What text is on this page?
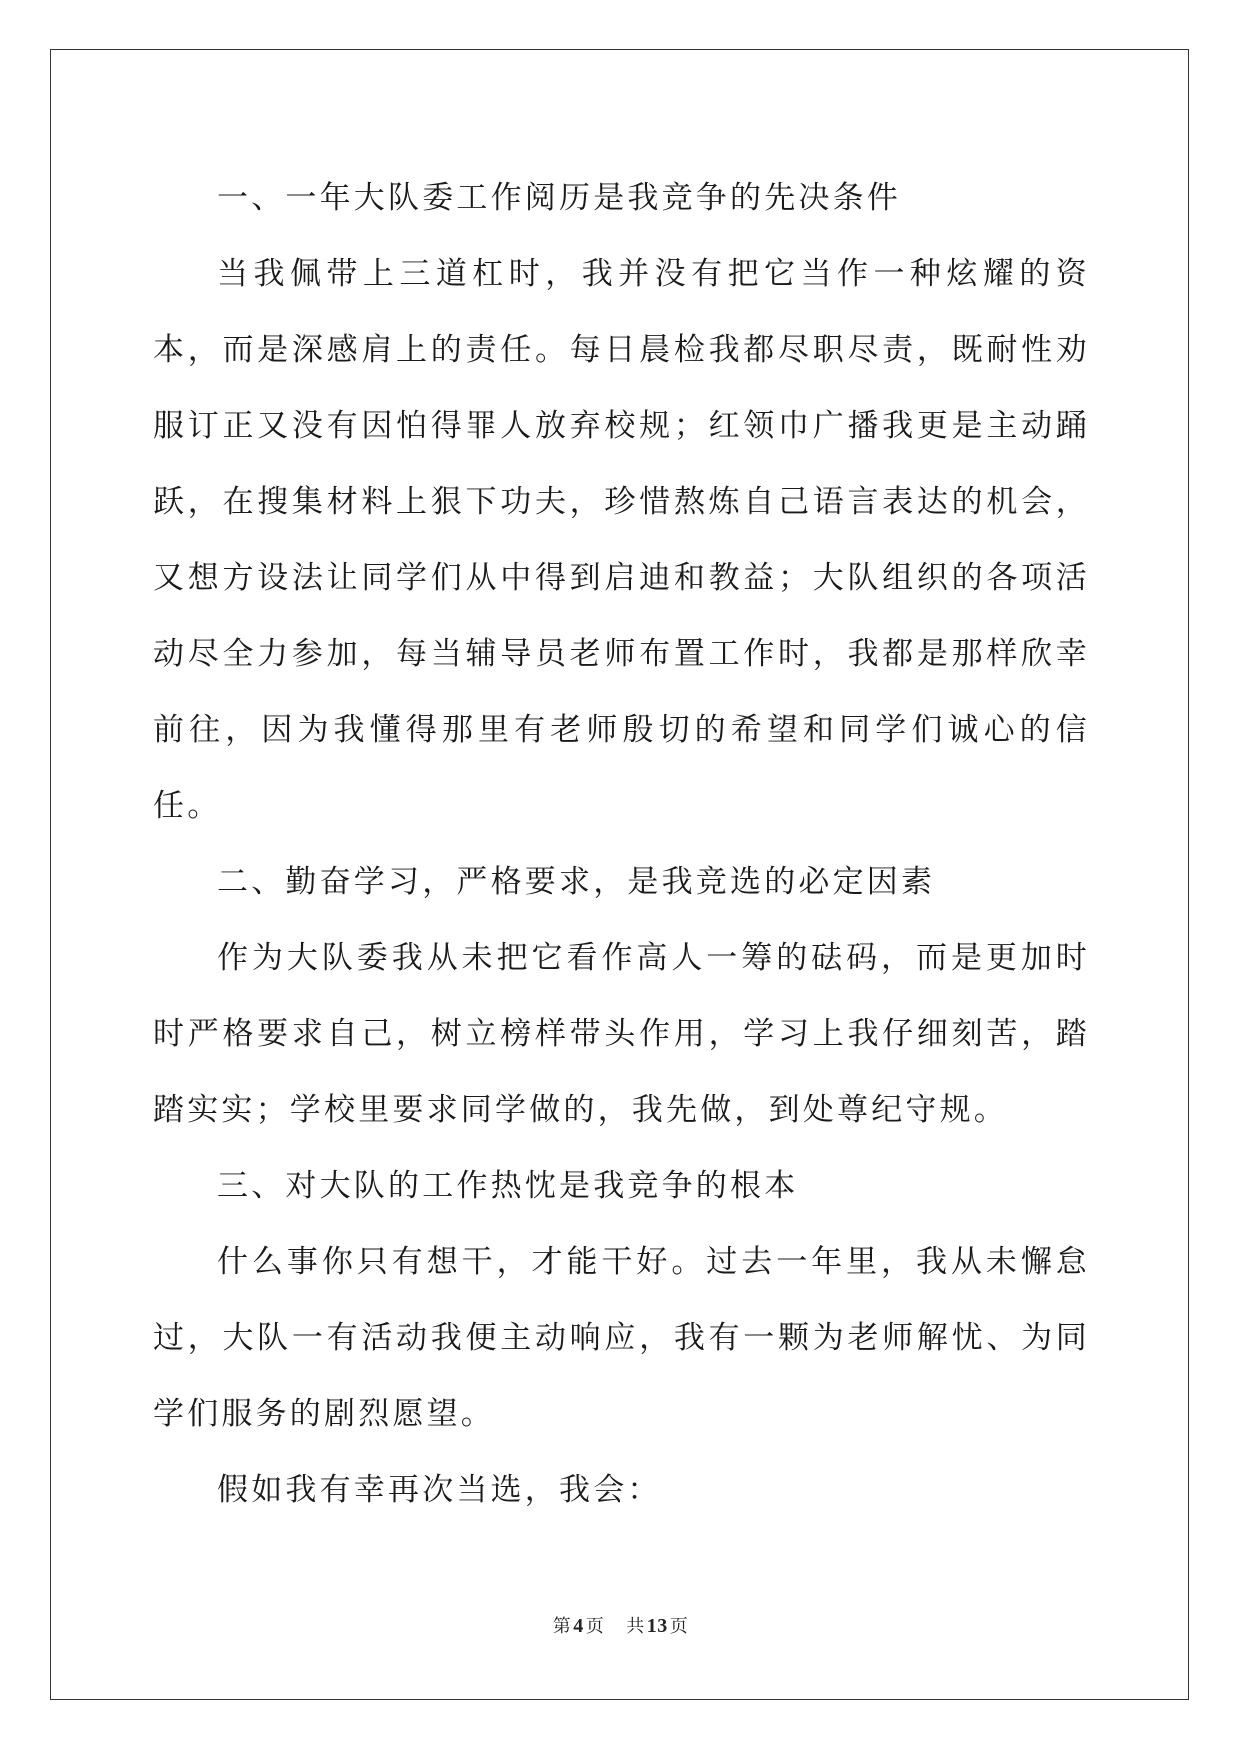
一、一年大队委工作阅历是我竞争的先决条件

当我佩带上三道杠时，我并没有把它当作一种炫耀的资本，而是深感肩上的责任。每日晨检我都尽职尽责，既耐性劝服订正又没有因怕得罪人放弃校规；红领巾广播我更是主动踊跃，在搜集材料上狠下功夫，珍惜熬炼自己语言表达的机会，又想方设法让同学们从中得到启迪和教益；大队组织的各项活动尽全力参加，每当辅导员老师布置工作时，我都是那样欣幸前往，因为我懂得那里有老师殷切的希望和同学们诚心的信任。

二、勤奋学习，严格要求，是我竞选的必定因素

作为大队委我从未把它看作高人一筹的砝码，而是更加时时严格要求自己，树立榜样带头作用，学习上我仔细刻苦，踏踏实实；学校里要求同学做的，我先做，到处尊纪守规。

三、对大队的工作热忱是我竞争的根本

什么事你只有想干，才能干好。过去一年里，我从未懈怠过，大队一有活动我便主动响应，我有一颗为老师解忧、为同学们服务的剧烈愿望。

假如我有幸再次当选，我会：

第 4 页 共 13 页
